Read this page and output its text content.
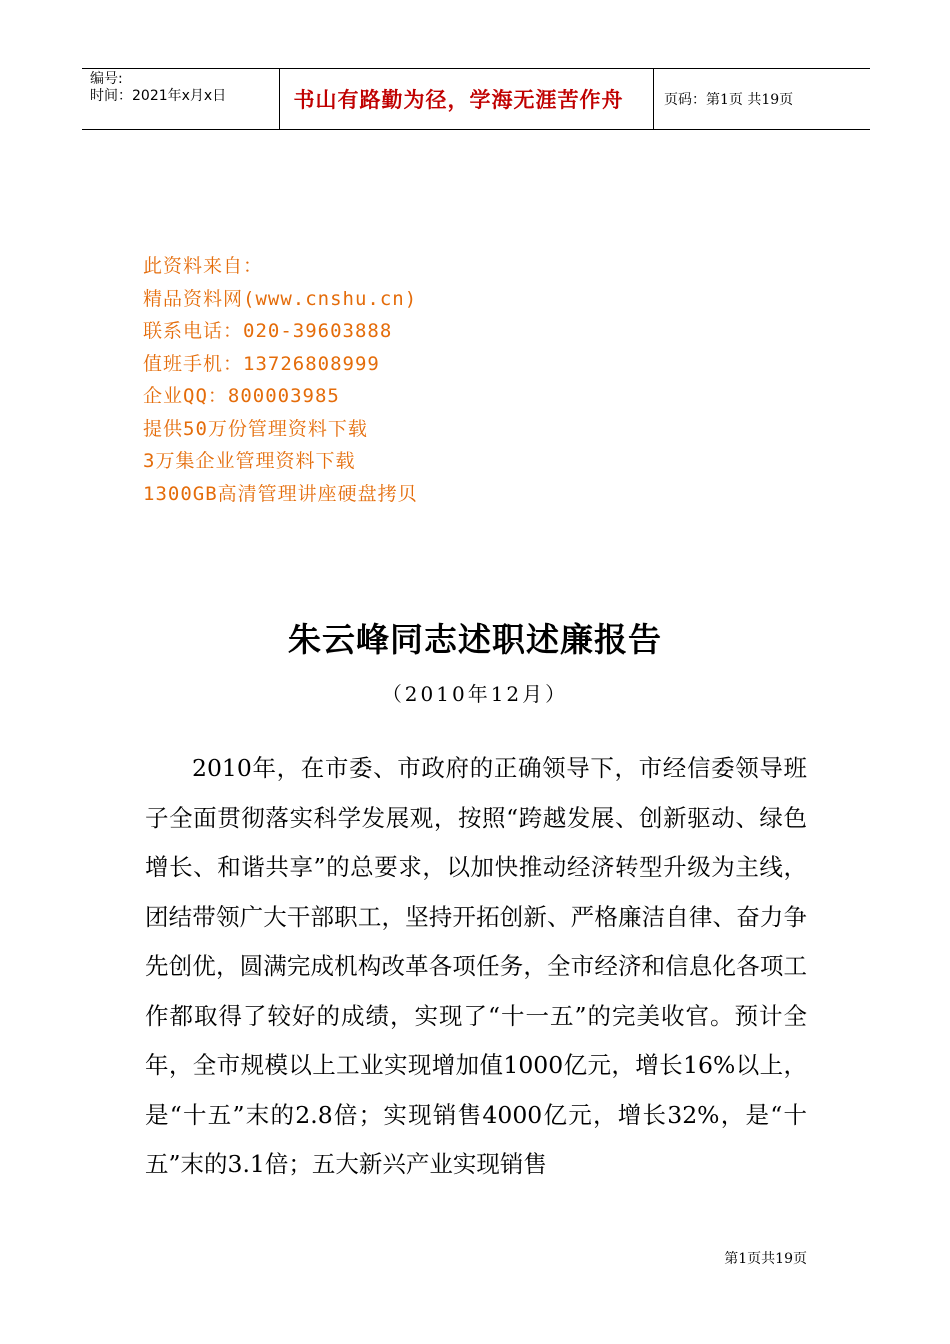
编号:
时间：2021年x月x日	书山有路勤为径，学海无涯苦作舟	页码：第1页 共19页
此资料来自：
精品资料网(www.cnshu.cn)
联系电话：020-39603888
值班手机：13726808999
企业QQ：800003985
提供50万份管理资料下载
3万集企业管理资料下载
1300GB高清管理讲座硬盘拷贝
朱云峰同志述职述廉报告
（2010年12月）

2010年，在市委、市政府的正确领导下，市经信委领导班子全面贯彻落实科学发展观，按照“跨越发展、创新驱动、绿色增长、和谐共享”的总要求，以加快推动经济转型升级为主线，团结带领广大干部职工，坚持开拓创新、严格廉洁自律、奋力争先创优，圆满完成机构改革各项任务，全市经济和信息化各项工作都取得了较好的成绩，实现了“十一五”的完美收官。预计全年，全市规模以上工业实现增加值1000亿元，增长16%以上，是“十五”末的2.8倍；实现销售4000亿元，增长32%，是“十五”末的3.1倍；五大新兴产业实现销售

第1页共19页
